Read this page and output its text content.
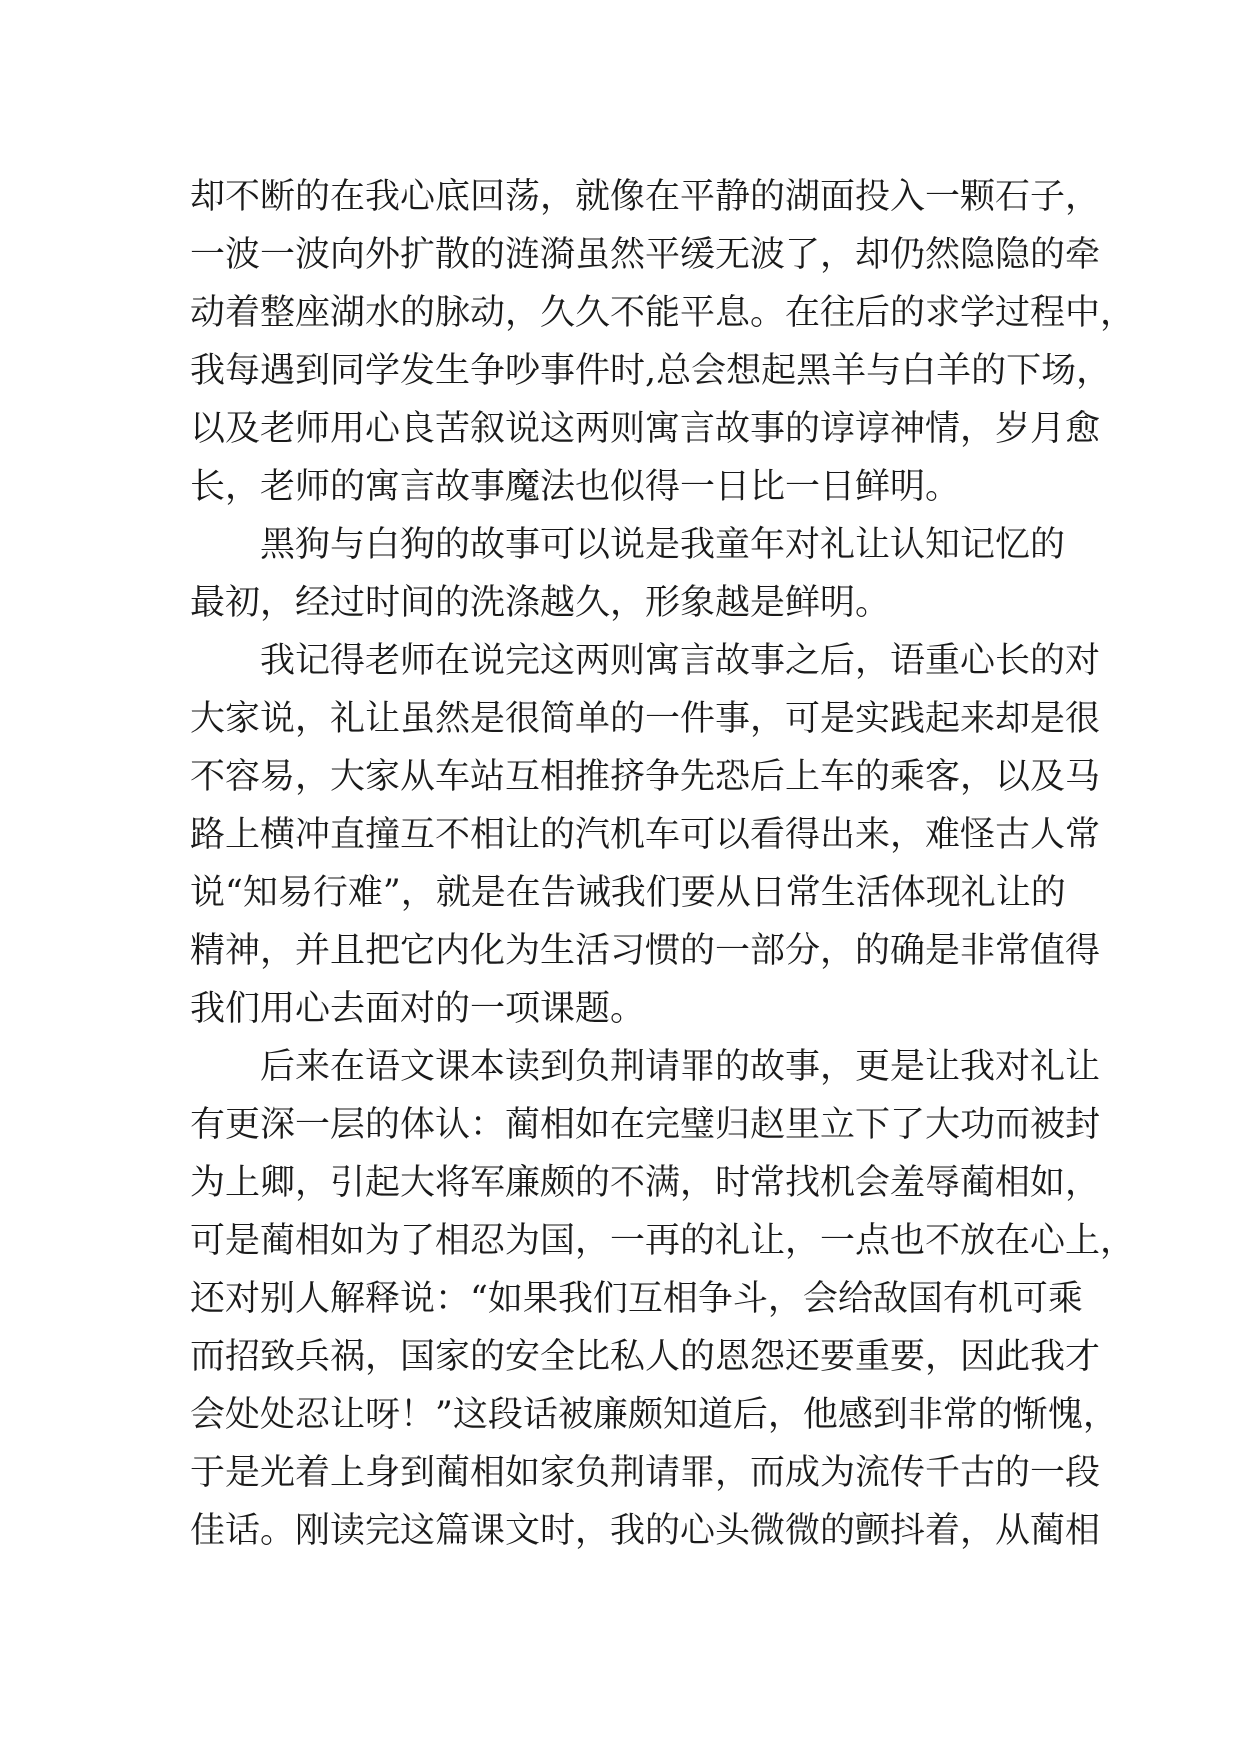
却不断的在我心底回荡，就像在平静的湖面投入一颗石子，
一波一波向外扩散的涟漪虽然平缓无波了，却仍然隐隐的牵
动着整座湖水的脉动，久久不能平息。在往后的求学过程中，
我每遇到同学发生争吵事件时,总会想起黑羊与白羊的下场，
以及老师用心良苦叙说这两则寓言故事的谆谆神情，岁月愈
长，老师的寓言故事魔法也似得一日比一日鲜明。
黑狗与白狗的故事可以说是我童年对礼让认知记忆的
最初，经过时间的洗涤越久，形象越是鲜明。
我记得老师在说完这两则寓言故事之后，语重心长的对
大家说，礼让虽然是很简单的一件事，可是实践起来却是很
不容易，大家从车站互相推挤争先恐后上车的乘客，以及马
路上横冲直撞互不相让的汽机车可以看得出来，难怪古人常
说“知易行难”，就是在告诫我们要从日常生活体现礼让的
精神，并且把它内化为生活习惯的一部分，的确是非常值得
我们用心去面对的一项课题。
后来在语文课本读到负荆请罪的故事，更是让我对礼让
有更深一层的体认：蔺相如在完璧归赵里立下了大功而被封
为上卿，引起大将军廉颇的不满，时常找机会羞辱蔺相如，
可是蔺相如为了相忍为国，一再的礼让，一点也不放在心上，
还对别人解释说：“如果我们互相争斗，会给敌国有机可乘
而招致兵祸，国家的安全比私人的恩怨还要重要，因此我才
会处处忍让呀！”这段话被廉颇知道后，他感到非常的惭愧，
于是光着上身到蔺相如家负荆请罪，而成为流传千古的一段
佳话。刚读完这篇课文时，我的心头微微的颤抖着，从蔺相
